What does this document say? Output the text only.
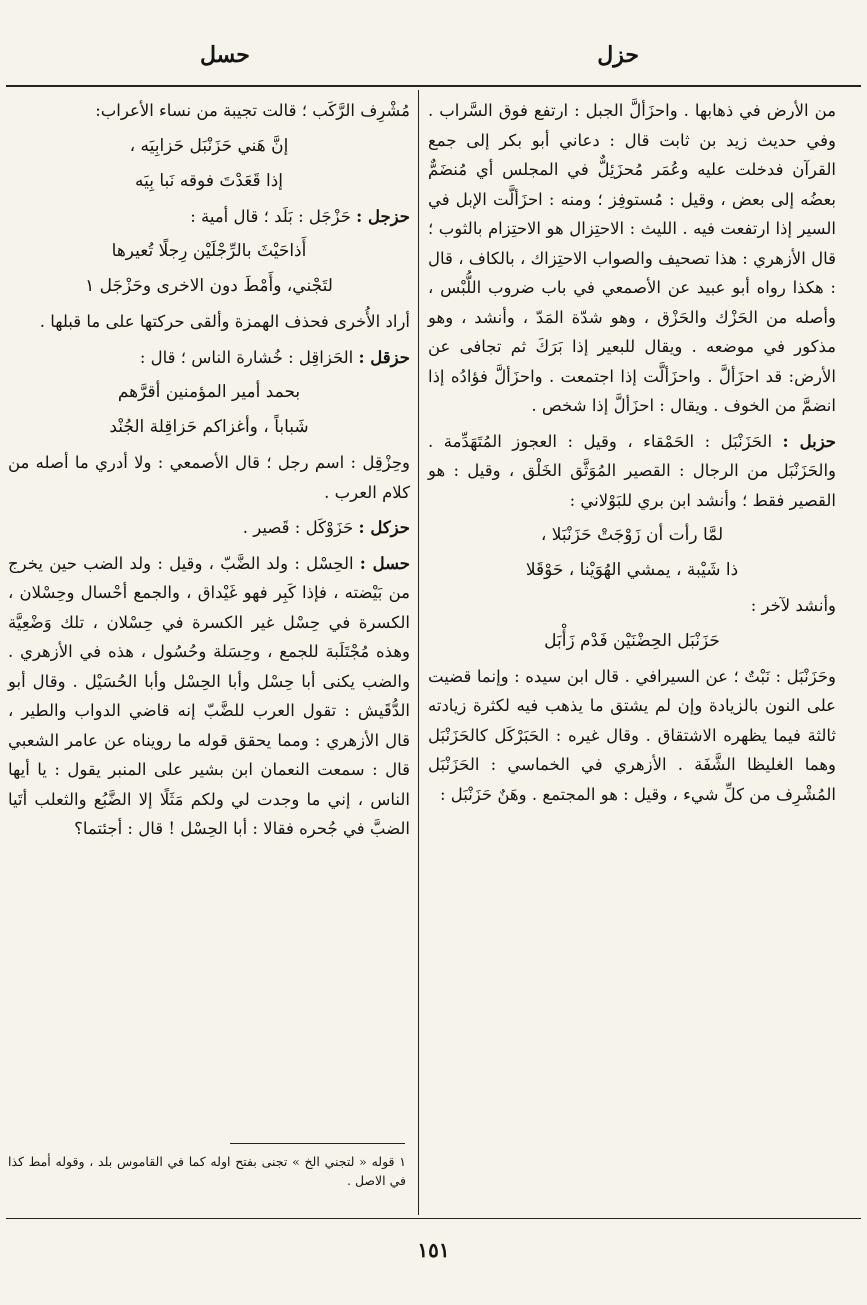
حزل
حسل

من الأرض في ذهابها . واحزَألَّ الجبل : ارتفع فوق السَّراب . وفي حديث زيد بن ثابت قال : دعاني أبو بكر إلى جمع القرآن فدخلت عليه وعُمَر مُحزَئِلٌّ في المجلس أي مُنضَمٌّ بعضُه إلى بعض ، وقيل : مُستوفِز ؛ ومنه : احزَألَّت الإبل في السير إذا ارتفعت فيه . الليث : الاحتِزال هو الاحتِزام بالثوب ؛ قال الأزهري : هذا تصحيف والصواب الاحتِزاك ، بالكاف ، قال : هكذا رواه أبو عبيد عن الأصمعي في باب ضروب اللُّبْس ، وأصله من الحَزْك والحَزْق ، وهو شدّة المَدّ ، وأنشد ، وهو مذكور في موضعه . ويقال للبعير إذا بَرَكَ ثم تجافى عن الأرض: قد احزَألَّ . واحزَألَّت إذا اجتمعت . واحزَألَّ فؤادُه إذا انضمَّ من الخوف . ويقال : احزَألَّ إذا شخص .

حزبل : الحَزَنْبَل : الحَمْقاء ، وقيل : العجوز المُتَهَدِّمة . والحَزَنْبَل من الرجال : القصير المُوَثَّق الخَلْق ، وقيل : هو القصير فقط ؛ وأنشد ابن بري للبَوْلاني :

لمَّا رأت أن زَوْجَتْ حَزَنْبَلا ،

ذا شَيْبة ، يمشي الهُوَيْنا ، حَوْقَلا

وأنشد لآخر :

حَزَنْبَل الحِضْنَيْن فَدْم زَأْبَل

وحَزَنْبَل : نَبْتٌ ؛ عن السيرافي . قال ابن سيده : وإنما قضيت على النون بالزيادة وإن لم يشتق ما يذهب فيه لكثرة زيادته ثالثة فيما يظهره الاشتقاق . وقال غيره : الحَبَرْكَل كالحَزَنْبَل وهما الغليظا الشَّفَة . الأزهري في الخماسي : الحَزَنْبَل المُشْرِف من كلِّ شيء ، وقيل : هو المجتمع . وهَنٌ حَزَنْبَل :

مُشْرِف الرَّكَب ؛ قالت تجيبة من نساء الأعراب:

إنَّ هَني حَزَنْبَل حَزابِيَه ،

إذا قَعَدْتَ فوقه نَبا بِيَه

حزجل : حَزْجَل : بَلَد ؛ قال أمية :

أَذاحَيْثَ بالرِّجْلَيْن رِجلًا تُعيرها

لتَجْني، وأَمْطَ دون الاخرى وحَزْجَل ١

أراد الأُخرى فحذف الهمزة وألقى حركتها على ما قبلها .

حزقل : الحَزاقِل : خُشارة الناس ؛ قال :

بحمد أمير المؤمنين أقرَّهم

شَباباً ، وأغزاكم حَزاقِلة الجُنْد

وحِزْقِل : اسم رجل ؛ قال الأصمعي : ولا أدري ما أصله من كلام العرب .

حزكل : حَزَوْكَل : قَصير .

حسل : الحِسْل : ولد الضَّبّ ، وقيل : ولد الضب حين يخرج من بَيْضته ، فإذا كَبِر فهو غَيْداق ، والجمع أحْسال وحِسْلان ، الكسرة في حِسْل غير الكسرة في حِسْلان ، تلك وَضْعِيَّة وهذه مُجْتَلَبة للجمع ، وحِسَلة وحُسُول ، هذه في الأزهري . والضب يكنى أبا حِسْل وأبا الحِسْل وأبا الحُسَيْل . وقال أبو الدُّقَيش : تقول العرب للضَّبّ إنه قاضي الدواب والطير ، قال الأزهري : ومما يحقق قوله ما رويناه عن عامر الشعبي قال : سمعت النعمان ابن بشير على المنبر يقول : يا أيها الناس ، إني ما وجدت لي ولكم مَثَلًا إلا الضَّبُع والثعلب أتَيا الضبَّ في جُحره فقالا : أبا الحِسْل ! قال : أجئتما؟

١ قوله « لتجني الخ » تجنى بفتح اوله كما في القاموس بلد ، وقوله أمط كذا في الاصل .
١٥١
